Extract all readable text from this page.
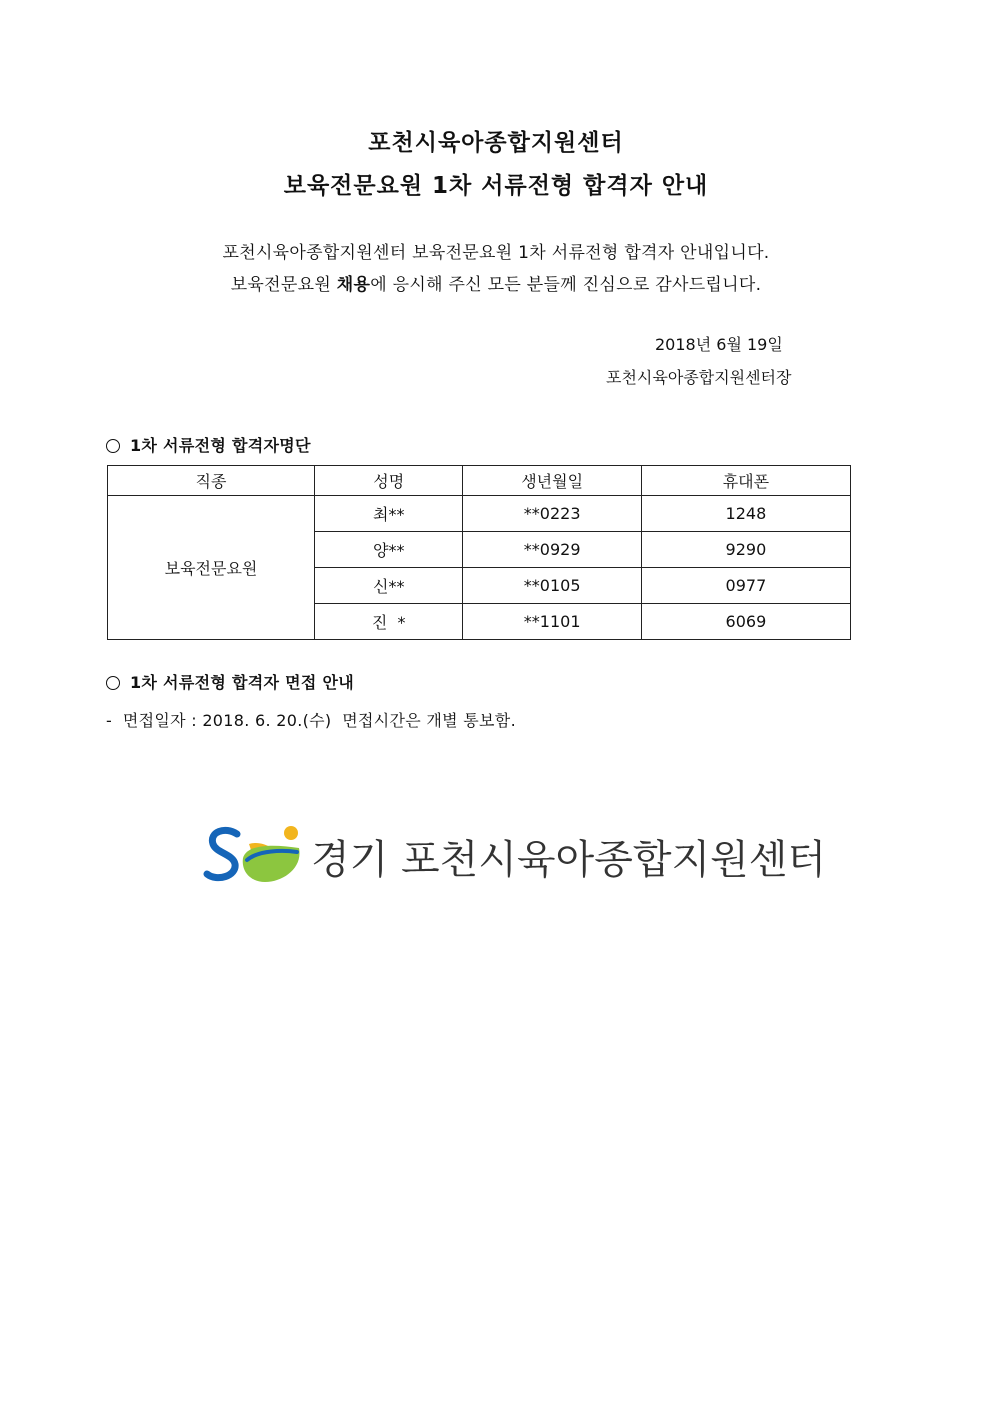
포천시육아종합지원센터
보육전문요원 1차 서류전형 합격자 안내
포천시육아종합지원센터 보육전문요원 1차 서류전형 합격자 안내입니다.
보육전문요원 채용에 응시해 주신 모든 분들께 진심으로 감사드립니다.
2018년 6월 19일
포천시육아종합지원센터장
1차 서류전형 합격자명단
직종	성명	생년월일	휴대폰
보육전문요원	최**	**0223	1248
	양**	**0929	9290
	신**	**0105	0977
	진  *	**1101	6069
1차 서류전형 합격자 면접 안내
-  면접일자 : 2018. 6. 20.(수)  면접시간은 개별 통보함.
경기 포천시육아종합지원센터
